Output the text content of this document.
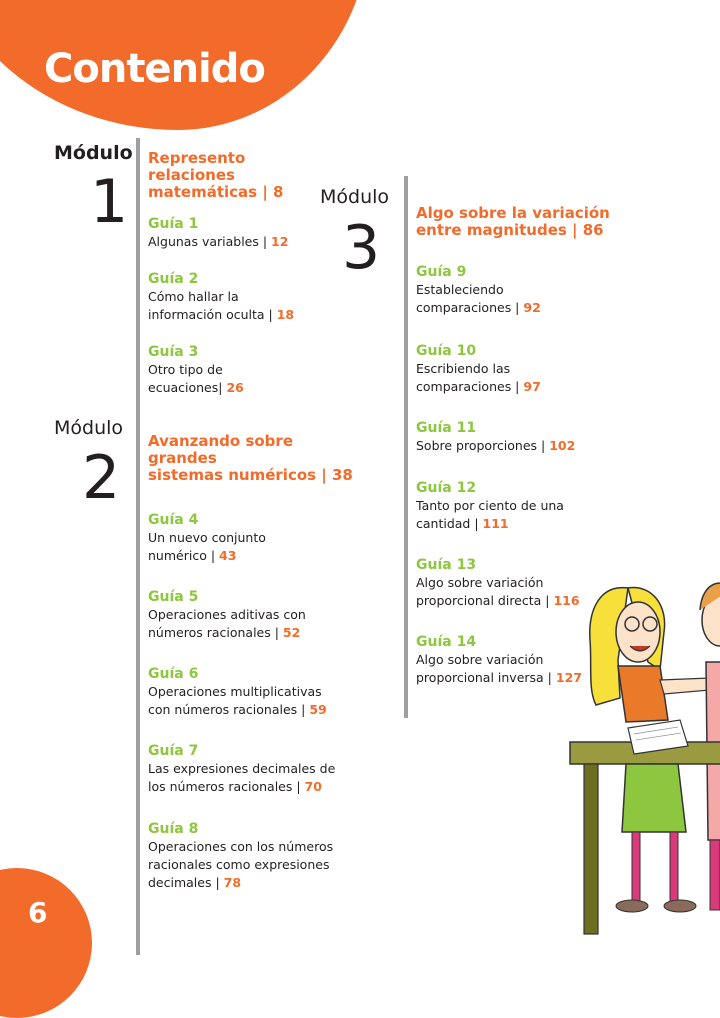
Contenido
Módulo
1
Represento
relaciones
matemáticas | 8
Guía 1
Algunas variables | 12
Guía 2
Cómo hallar la
información oculta | 18
Guía 3
Otro tipo de
ecuaciones| 26
Módulo
2
Avanzando sobre
grandes
sistemas numéricos | 38
Guía 4
Un nuevo conjunto
numérico | 43
Guía 5
Operaciones aditivas con
números racionales | 52
Guía 6
Operaciones multiplicativas
con números racionales | 59
Guía 7
Las expresiones decimales de
los números racionales | 70
Guía 8
Operaciones con los números
racionales como expresiones
decimales | 78
Módulo
3 Algo sobre la variación
entre magnitudes | 86
Guía 9
Estableciendo
comparaciones | 92
Guía 10
Escribiendo las
comparaciones | 97
Guía 11
Sobre proporciones | 102
Guía 12
Tanto por ciento de una
cantidad | 111
Guía 13
Algo sobre variación
proporcional directa | 116
Guía 14
Algo sobre variación
proporcional inversa | 127
6
